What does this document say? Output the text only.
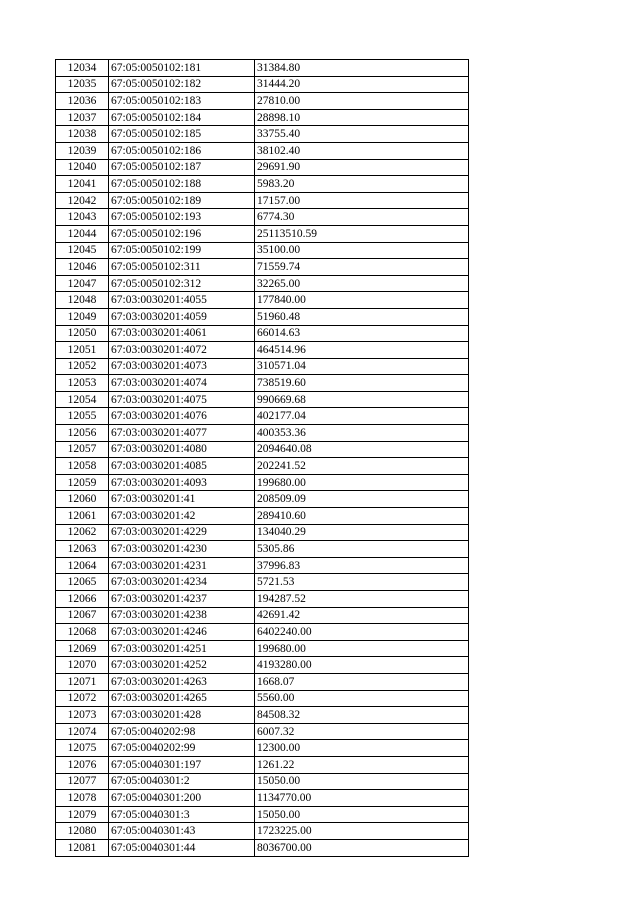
12034	67:05:0050102:181	31384.80
12035	67:05:0050102:182	31444.20
12036	67:05:0050102:183	27810.00
12037	67:05:0050102:184	28898.10
12038	67:05:0050102:185	33755.40
12039	67:05:0050102:186	38102.40
12040	67:05:0050102:187	29691.90
12041	67:05:0050102:188	5983.20
12042	67:05:0050102:189	17157.00
12043	67:05:0050102:193	6774.30
12044	67:05:0050102:196	25113510.59
12045	67:05:0050102:199	35100.00
12046	67:05:0050102:311	71559.74
12047	67:05:0050102:312	32265.00
12048	67:03:0030201:4055	177840.00
12049	67:03:0030201:4059	51960.48
12050	67:03:0030201:4061	66014.63
12051	67:03:0030201:4072	464514.96
12052	67:03:0030201:4073	310571.04
12053	67:03:0030201:4074	738519.60
12054	67:03:0030201:4075	990669.68
12055	67:03:0030201:4076	402177.04
12056	67:03:0030201:4077	400353.36
12057	67:03:0030201:4080	2094640.08
12058	67:03:0030201:4085	202241.52
12059	67:03:0030201:4093	199680.00
12060	67:03:0030201:41	208509.09
12061	67:03:0030201:42	289410.60
12062	67:03:0030201:4229	134040.29
12063	67:03:0030201:4230	5305.86
12064	67:03:0030201:4231	37996.83
12065	67:03:0030201:4234	5721.53
12066	67:03:0030201:4237	194287.52
12067	67:03:0030201:4238	42691.42
12068	67:03:0030201:4246	6402240.00
12069	67:03:0030201:4251	199680.00
12070	67:03:0030201:4252	4193280.00
12071	67:03:0030201:4263	1668.07
12072	67:03:0030201:4265	5560.00
12073	67:03:0030201:428	84508.32
12074	67:05:0040202:98	6007.32
12075	67:05:0040202:99	12300.00
12076	67:05:0040301:197	1261.22
12077	67:05:0040301:2	15050.00
12078	67:05:0040301:200	1134770.00
12079	67:05:0040301:3	15050.00
12080	67:05:0040301:43	1723225.00
12081	67:05:0040301:44	8036700.00
